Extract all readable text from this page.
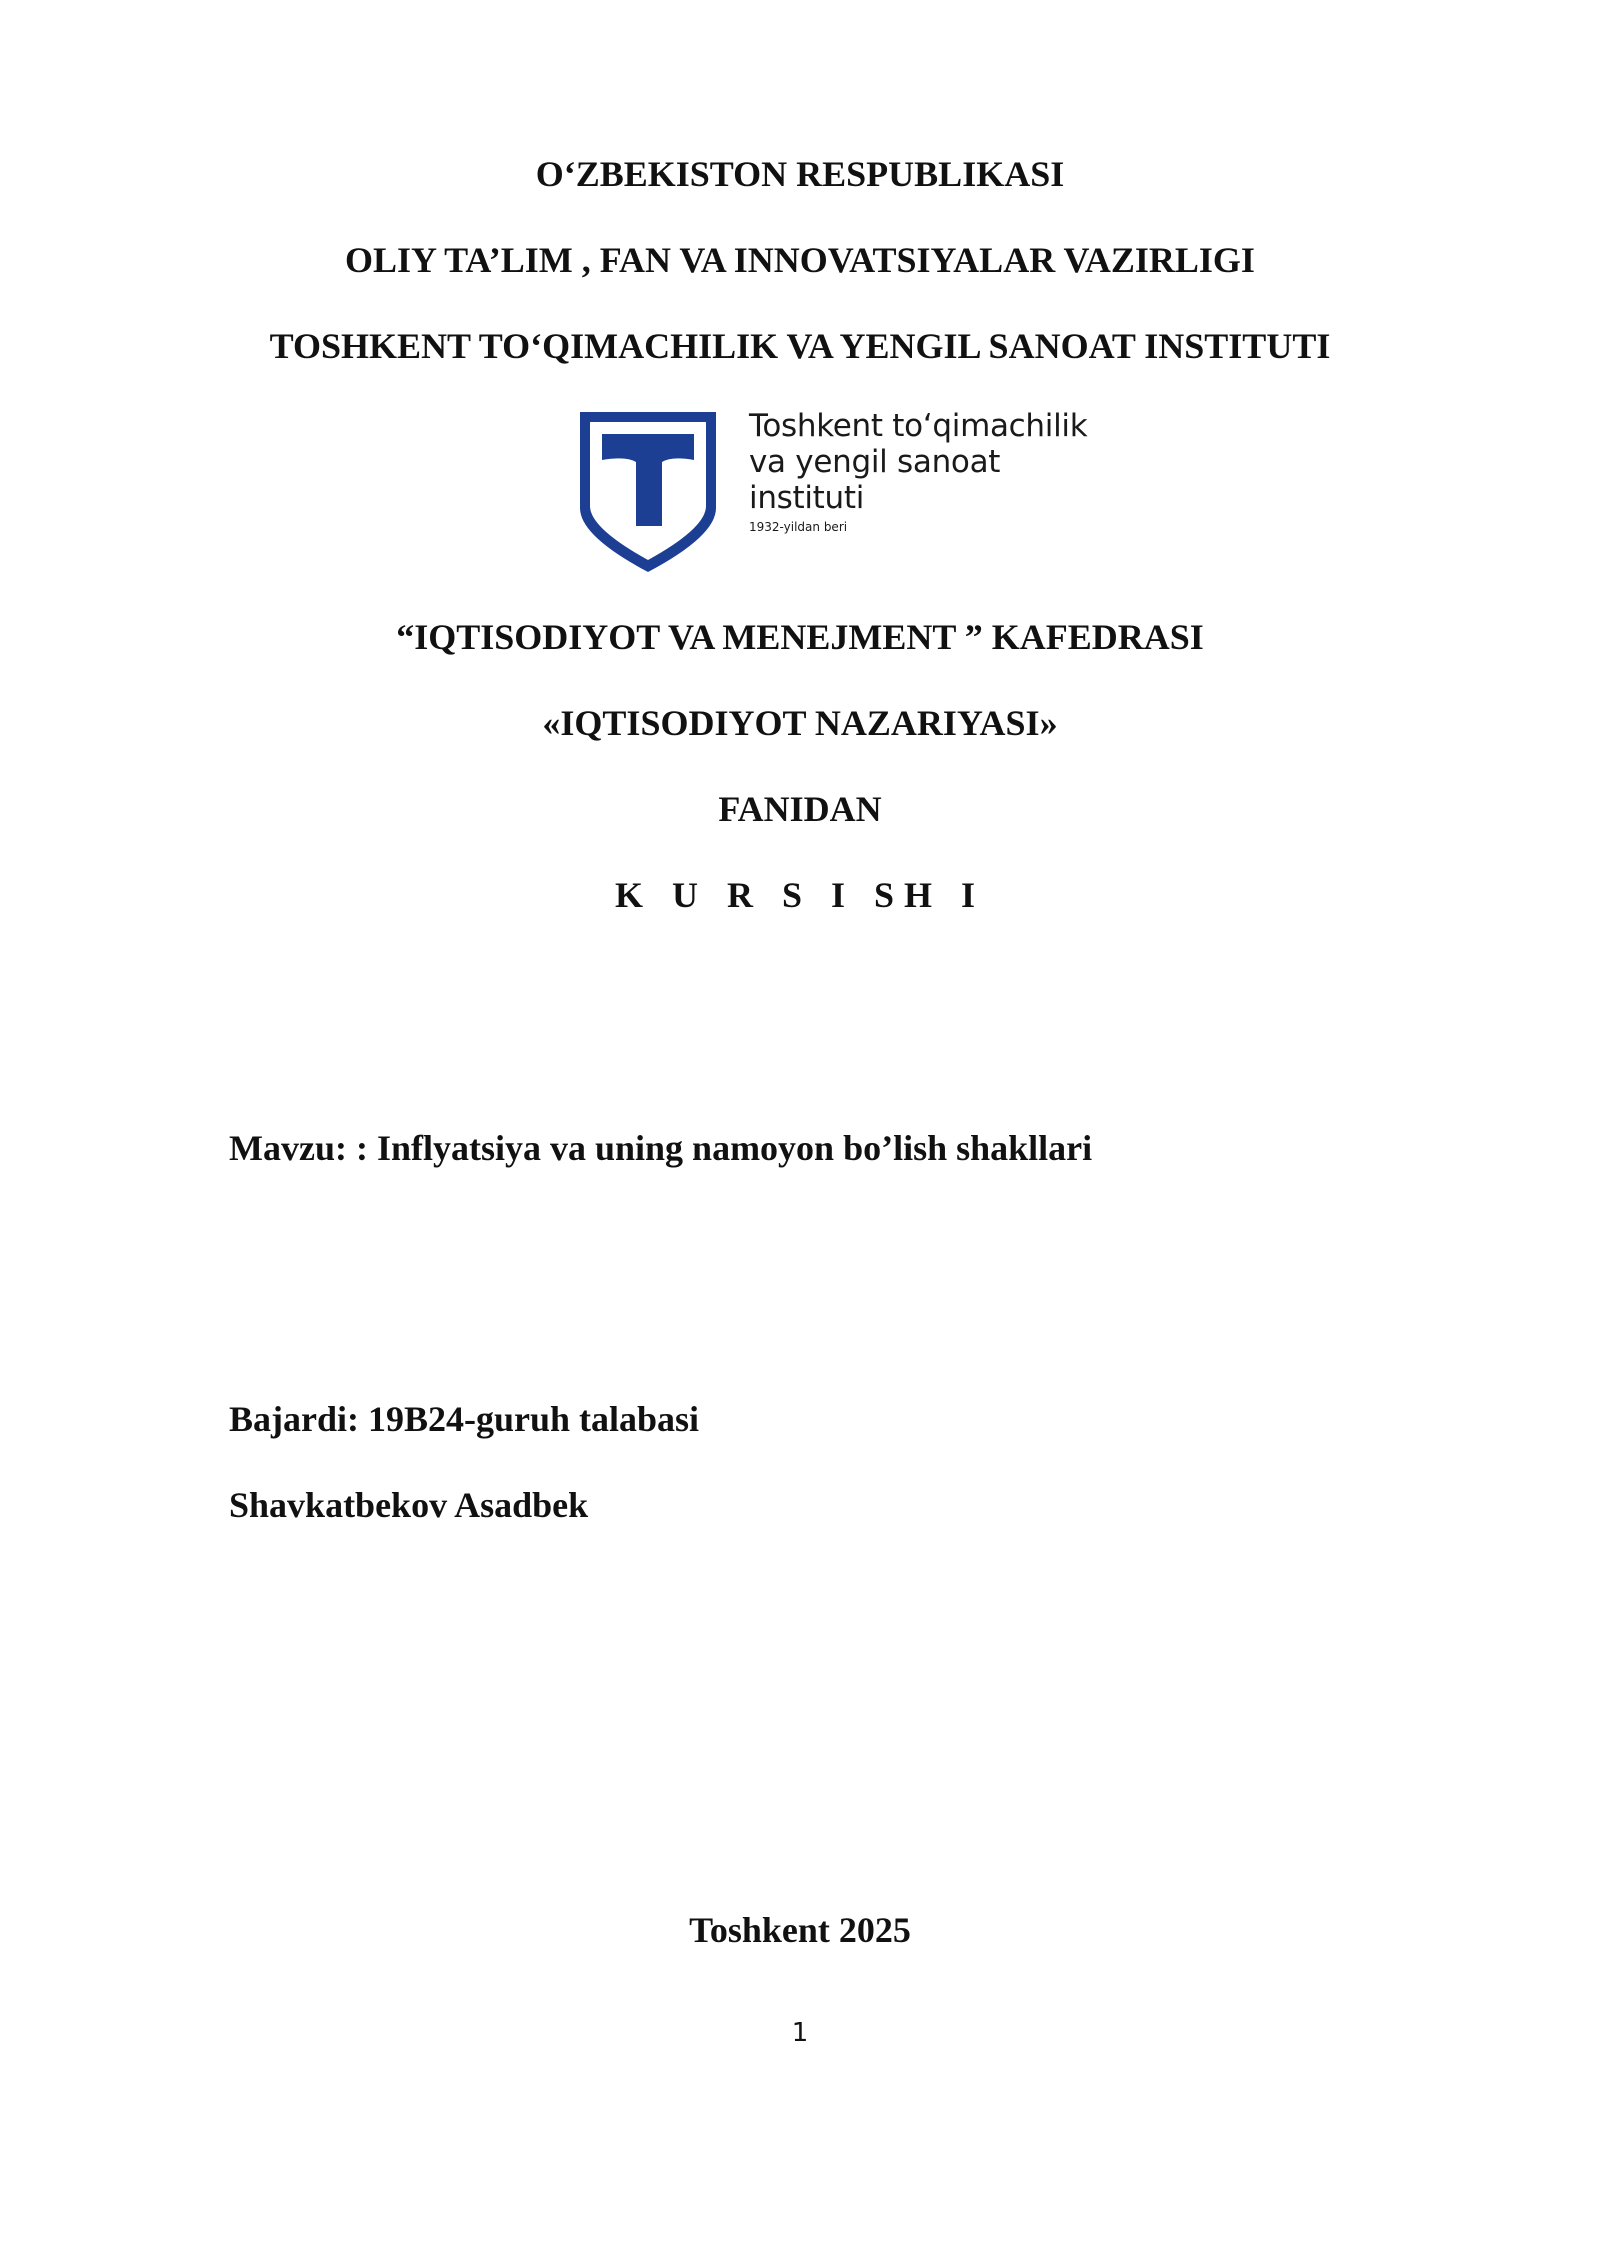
O‘ZBEKISTON RESPUBLIKASI
OLIY TA’LIM , FAN VA INNOVATSIYALAR VAZIRLIGI
TOSHKENT TO‘QIMACHILIK VA YENGIL SANOAT INSTITUTI
Toshkent to‘qimachilik
va yengil sanoat
instituti
1932-yildan beri
“IQTISODIYOT VA MENEJMENT ” KAFEDRASI
«IQTISODIYOT NAZARIYASI»
FANIDAN
K U R S I SH I
Mavzu: : Inflyatsiya va uning namoyon bo’lish shakllari
Bajardi: 19B24-guruh talabasi
Shavkatbekov Asadbek
Toshkent 2025
1
